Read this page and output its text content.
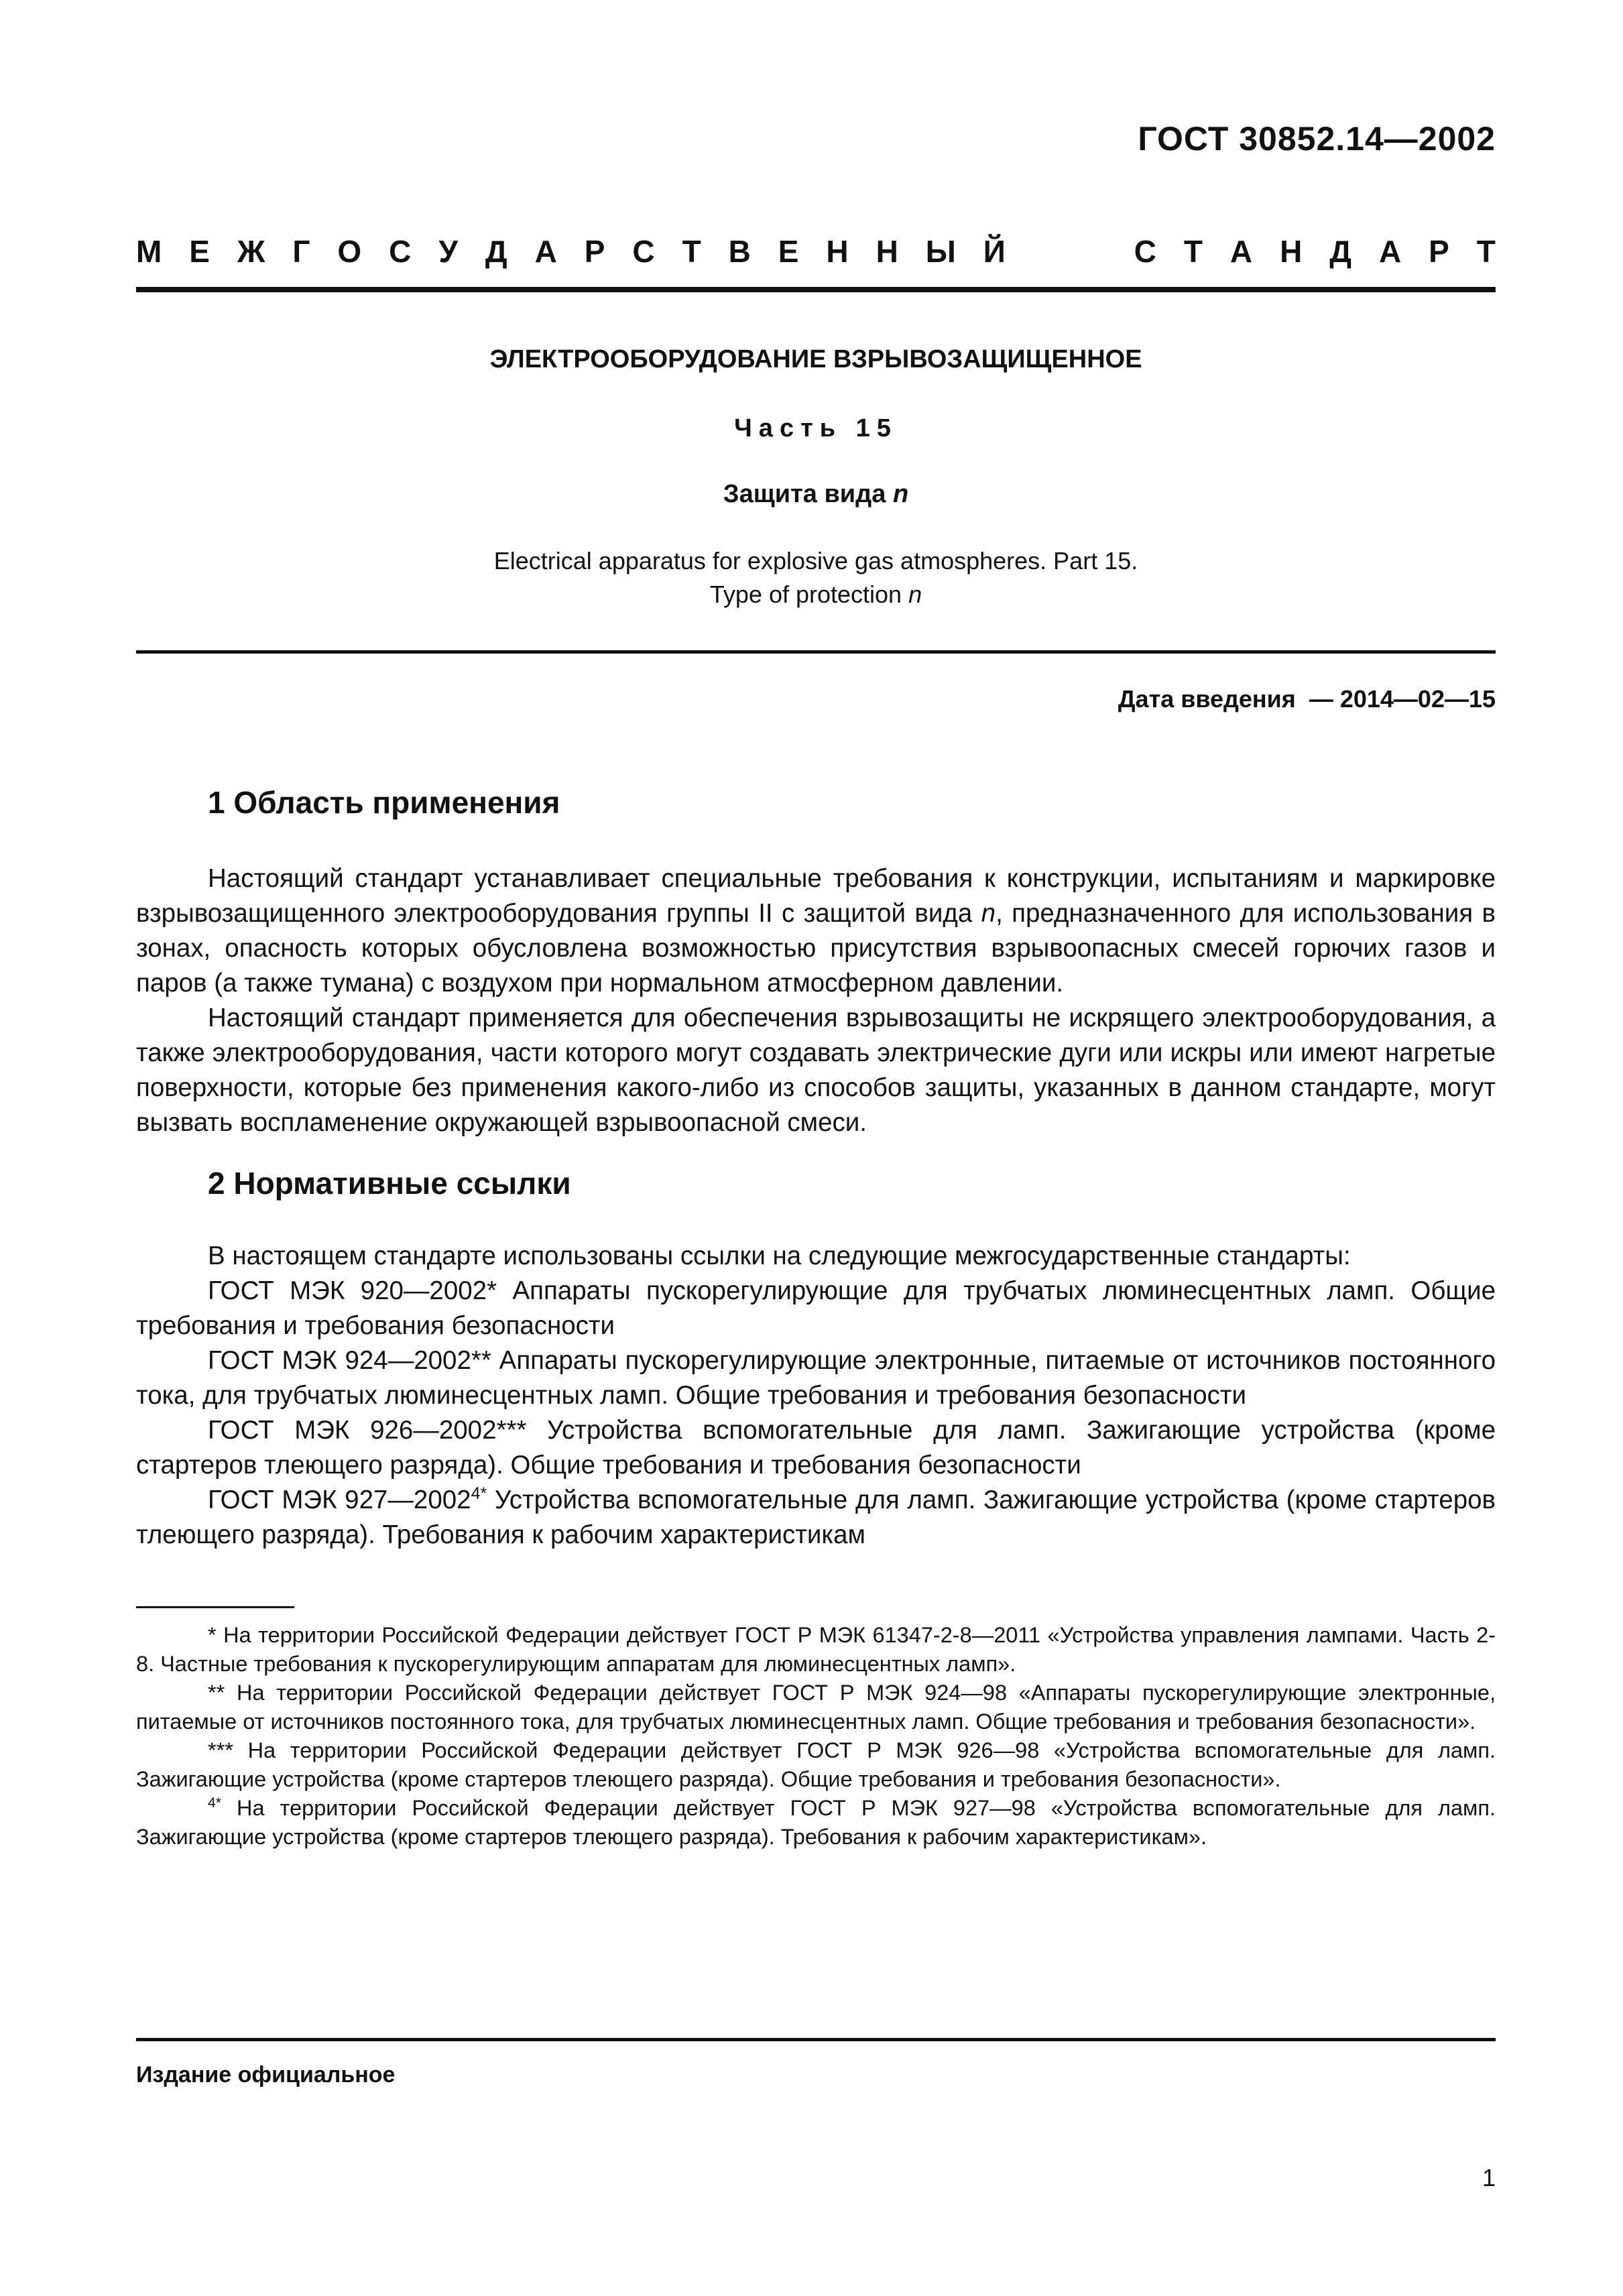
ГОСТ 30852.14—2002
М Е Ж Г О С У Д А Р С Т В Е Н Н Ы Й	С Т А Н Д А Р Т
ЭЛЕКТРООБОРУДОВАНИЕ ВЗРЫВОЗАЩИЩЕННОЕ
Часть 15
Защита вида n
Electrical apparatus for explosive gas atmospheres. Part 15.
Type of protection n
Дата введения — 2014—02—15
1 Область применения

Настоящий стандарт устанавливает специальные требования к конструкции, испытаниям и маркировке взрывозащищенного электрооборудования группы II с защитой вида n, предназначенного для использования в зонах, опасность которых обусловлена возможностью присутствия взрывоопасных смесей горючих газов и паров (а также тумана) с воздухом при нормальном атмосферном давлении.

Настоящий стандарт применяется для обеспечения взрывозащиты не искрящего электрооборудования, а также электрооборудования, части которого могут создавать электрические дуги или искры или имеют нагретые поверхности, которые без применения какого-либо из способов защиты, указанных в данном стандарте, могут вызвать воспламенение окружающей взрывоопасной смеси.

2 Нормативные ссылки

В настоящем стандарте использованы ссылки на следующие межгосударственные стандарты:

ГОСТ МЭК 920—2002* Аппараты пускорегулирующие для трубчатых люминесцентных ламп. Общие требования и требования безопасности

ГОСТ МЭК 924—2002** Аппараты пускорегулирующие электронные, питаемые от источников постоянного тока, для трубчатых люминесцентных ламп. Общие требования и требования безопасности

ГОСТ МЭК 926—2002*** Устройства вспомогательные для ламп. Зажигающие устройства (кроме стартеров тлеющего разряда). Общие требования и требования безопасности

ГОСТ МЭК $927—2002^{4*}$ Устройства вспомогательные для ламп. Зажигающие устройства (кроме стартеров тлеющего разряда). Требования к рабочим характеристикам

* На территории Российской Федерации действует ГОСТ Р МЭК 61347-2-8—2011 «Устройства управления лампами. Часть 2-8. Частные требования к пускорегулирующим аппаратам для люминесцентных ламп».

** На территории Российской Федерации действует ГОСТ Р МЭК 924—98 «Аппараты пускорегулирующие электронные, питаемые от источников постоянного тока, для трубчатых люминесцентных ламп. Общие требования и требования безопасности».

*** На территории Российской Федерации действует ГОСТ Р МЭК 926—98 «Устройства вспомогательные для ламп. Зажигающие устройства (кроме стартеров тлеющего разряда). Общие требования и требования безопасности».

$^{4*}$ На территории Российской Федерации действует ГОСТ Р МЭК 927—98 «Устройства вспомогательные для ламп. Зажигающие устройства (кроме стартеров тлеющего разряда). Требования к рабочим характеристикам».

Издание официальное
1
